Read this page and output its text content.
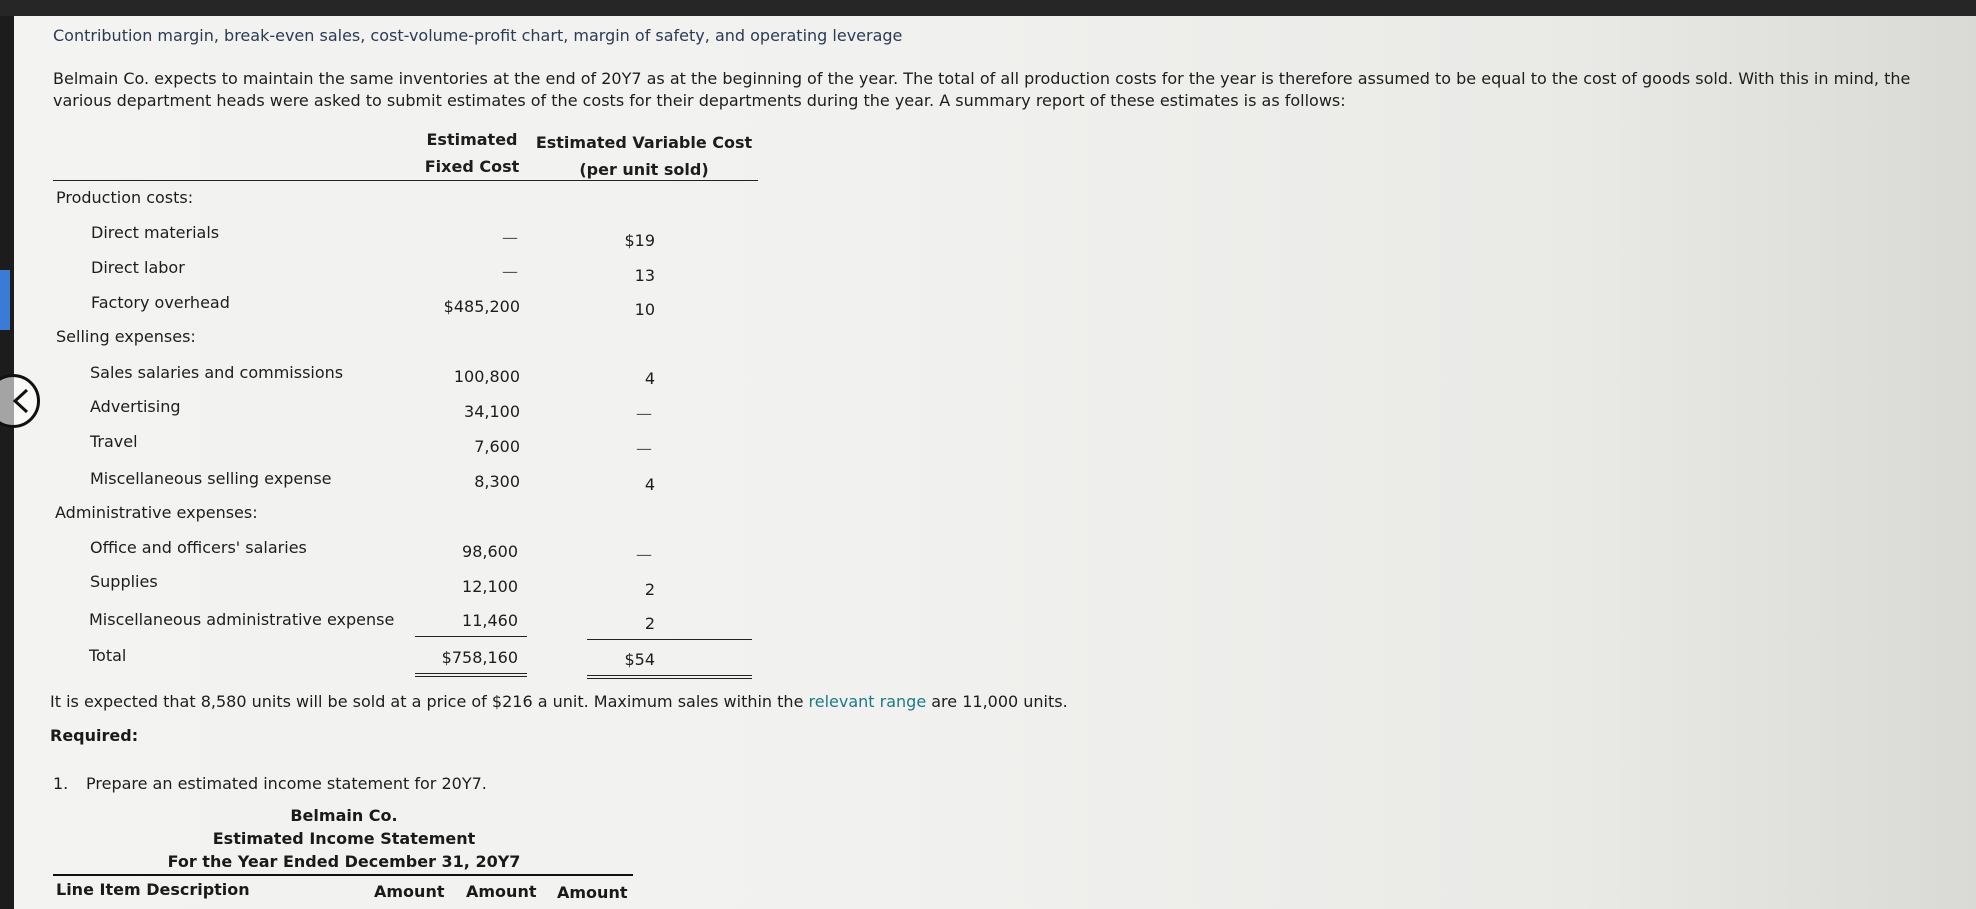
Contribution margin, break-even sales, cost-volume-profit chart, margin of safety, and operating leverage
Belmain Co. expects to maintain the same inventories at the end of 20Y7 as at the beginning of the year. The total of all production costs for the year is therefore assumed to be equal to the cost of goods sold. With this in mind, the various department heads were asked to submit estimates of the costs for their departments during the year. A summary report of these estimates is as follows:
Estimated
Fixed Cost
Estimated Variable Cost
(per unit sold)
Production costs:
Direct materials	—	$19
Direct labor	—	13
Factory overhead	$485,200	10
Selling expenses:
Sales salaries and commissions	100,800	4
Advertising	34,100	—
Travel	7,600	—
Miscellaneous selling expense	8,300	4
Administrative expenses:
Office and officers' salaries	98,600	—
Supplies	12,100	2
Miscellaneous administrative expense	11,460	2
Total	$758,160	$54
It is expected that 8,580 units will be sold at a price of $216 a unit. Maximum sales within the relevant range are 11,000 units.
Required:
1. Prepare an estimated income statement for 20Y7.
Belmain Co.
Estimated Income Statement
For the Year Ended December 31, 20Y7
Line Item Description	Amount Amount Amount
